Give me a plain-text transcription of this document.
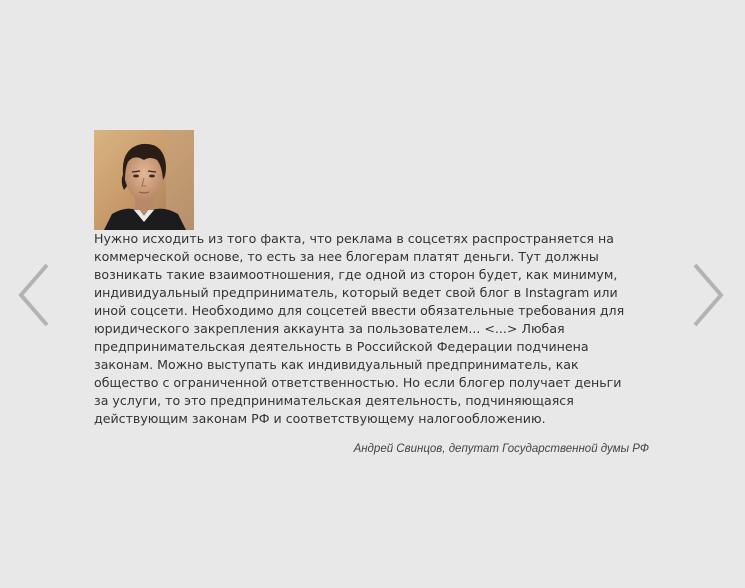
Нужно исходить из того факта, что реклама в соцсетях распространяется на
коммерческой основе, то есть за нее блогерам платят деньги. Тут должны
возникать такие взаимоотношения, где одной из сторон будет, как минимум,
индивидуальный предприниматель, который ведет свой блог в Instagram или
иной соцсети. Необходимо для соцсетей ввести обязательные требования для
юридического закрепления аккаунта за пользователем... <...> Любая
предпринимательская деятельность в Российской Федерации подчинена
законам. Можно выступать как индивидуальный предприниматель, как
общество с ограниченной ответственностью. Но если блогер получает деньги
за услуги, то это предпринимательская деятельность, подчиняющаяся
действующим законам РФ и соответствующему налогообложению.

Андрей Свинцов, депутат Государственной думы РФ
